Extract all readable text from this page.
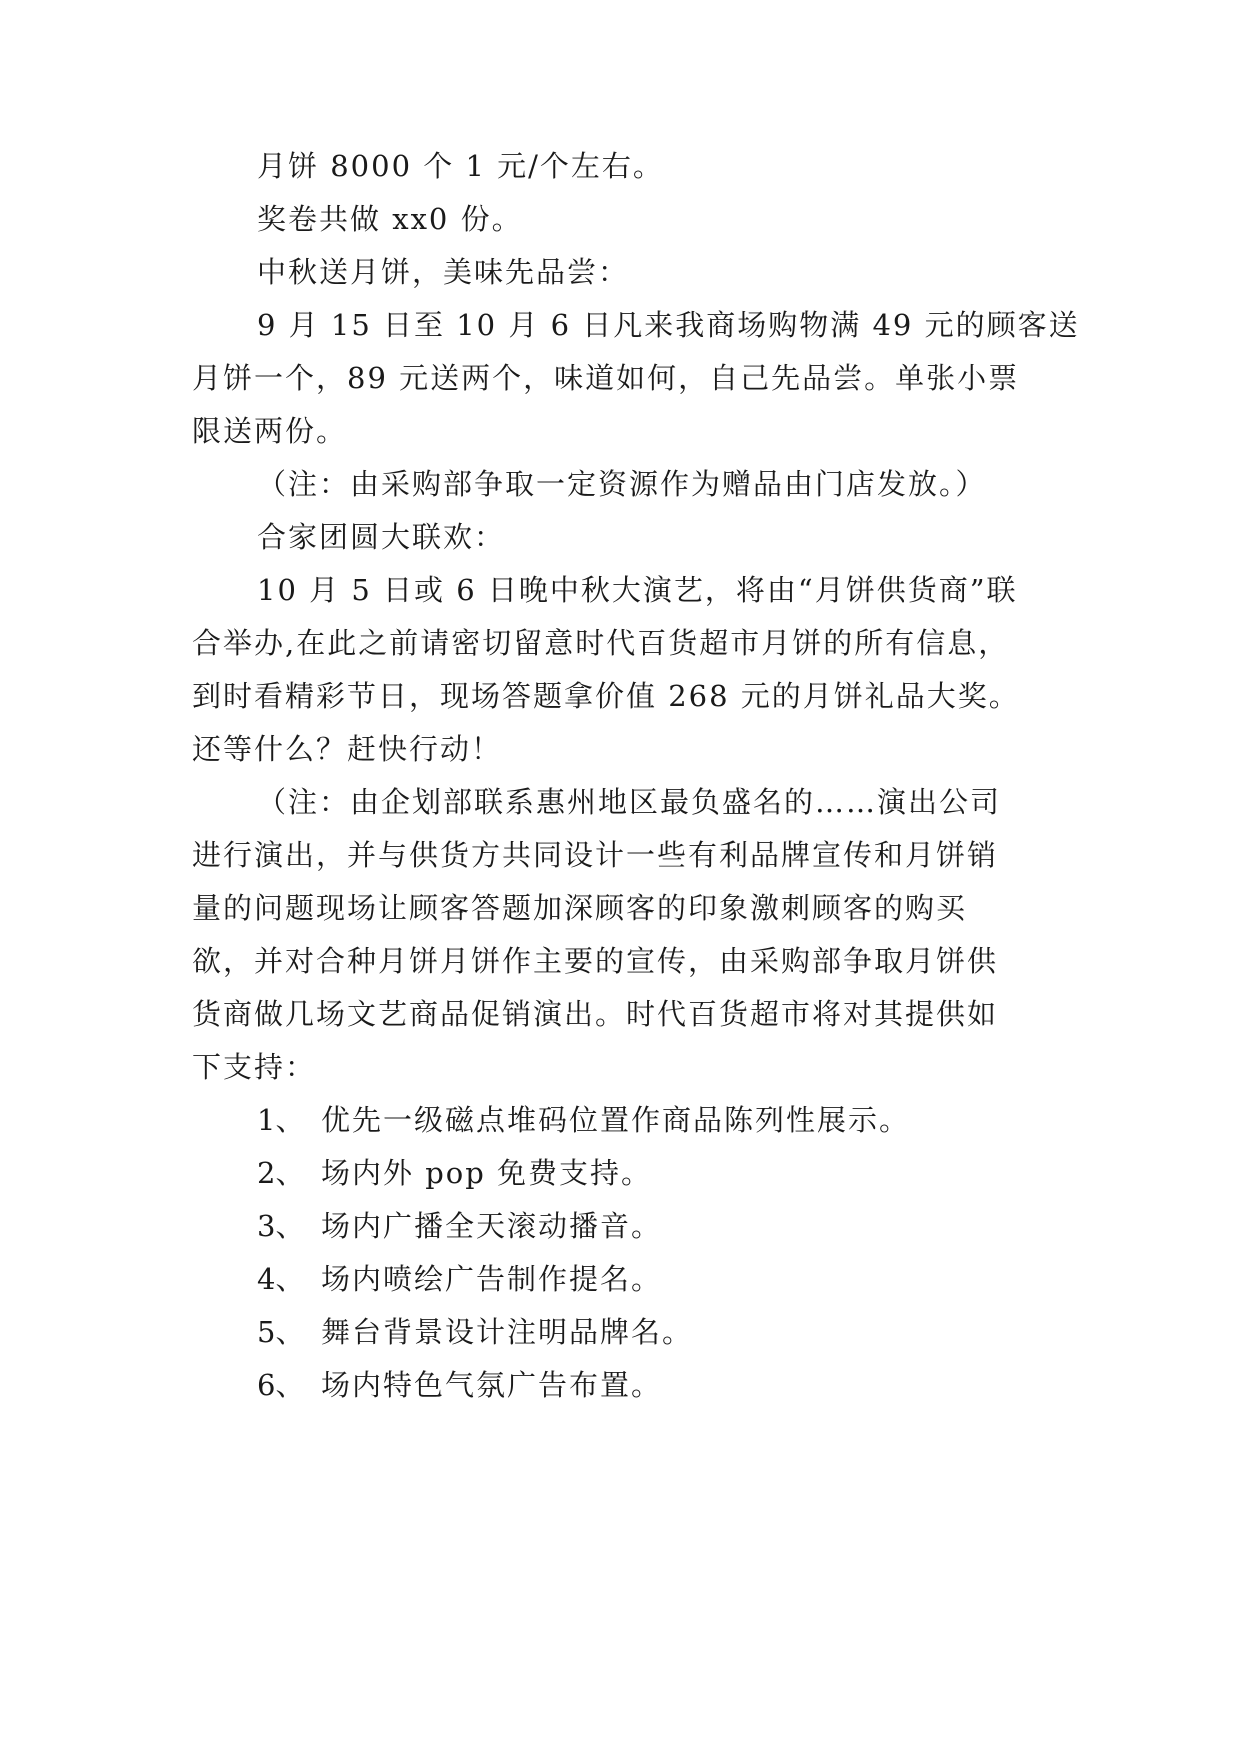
月饼 8000 个 1 元/个左右。
奖卷共做 xx0 份。
中秋送月饼，美味先品尝：
9 月 15 日至 10 月 6 日凡来我商场购物满 49 元的顾客送
月饼一个，89 元送两个，味道如何，自己先品尝。单张小票
限送两份。
（注：由采购部争取一定资源作为赠品由门店发放。）
合家团圆大联欢：
10 月 5 日或 6 日晚中秋大演艺，将由“月饼供货商”联
合举办,在此之前请密切留意时代百货超市月饼的所有信息，
到时看精彩节日，现场答题拿价值 268 元的月饼礼品大奖。
还等什么？赶快行动！
（注：由企划部联系惠州地区最负盛名的……演出公司
进行演出，并与供货方共同设计一些有利品牌宣传和月饼销
量的问题现场让顾客答题加深顾客的印象激刺顾客的购买
欲，并对合种月饼月饼作主要的宣传，由采购部争取月饼供
货商做几场文艺商品促销演出。时代百货超市将对其提供如
下支持：
1、 优先一级磁点堆码位置作商品陈列性展示。
2、 场内外 pop 免费支持。
3、 场内广播全天滚动播音。
4、 场内喷绘广告制作提名。
5、 舞台背景设计注明品牌名。
6、 场内特色气氛广告布置。
